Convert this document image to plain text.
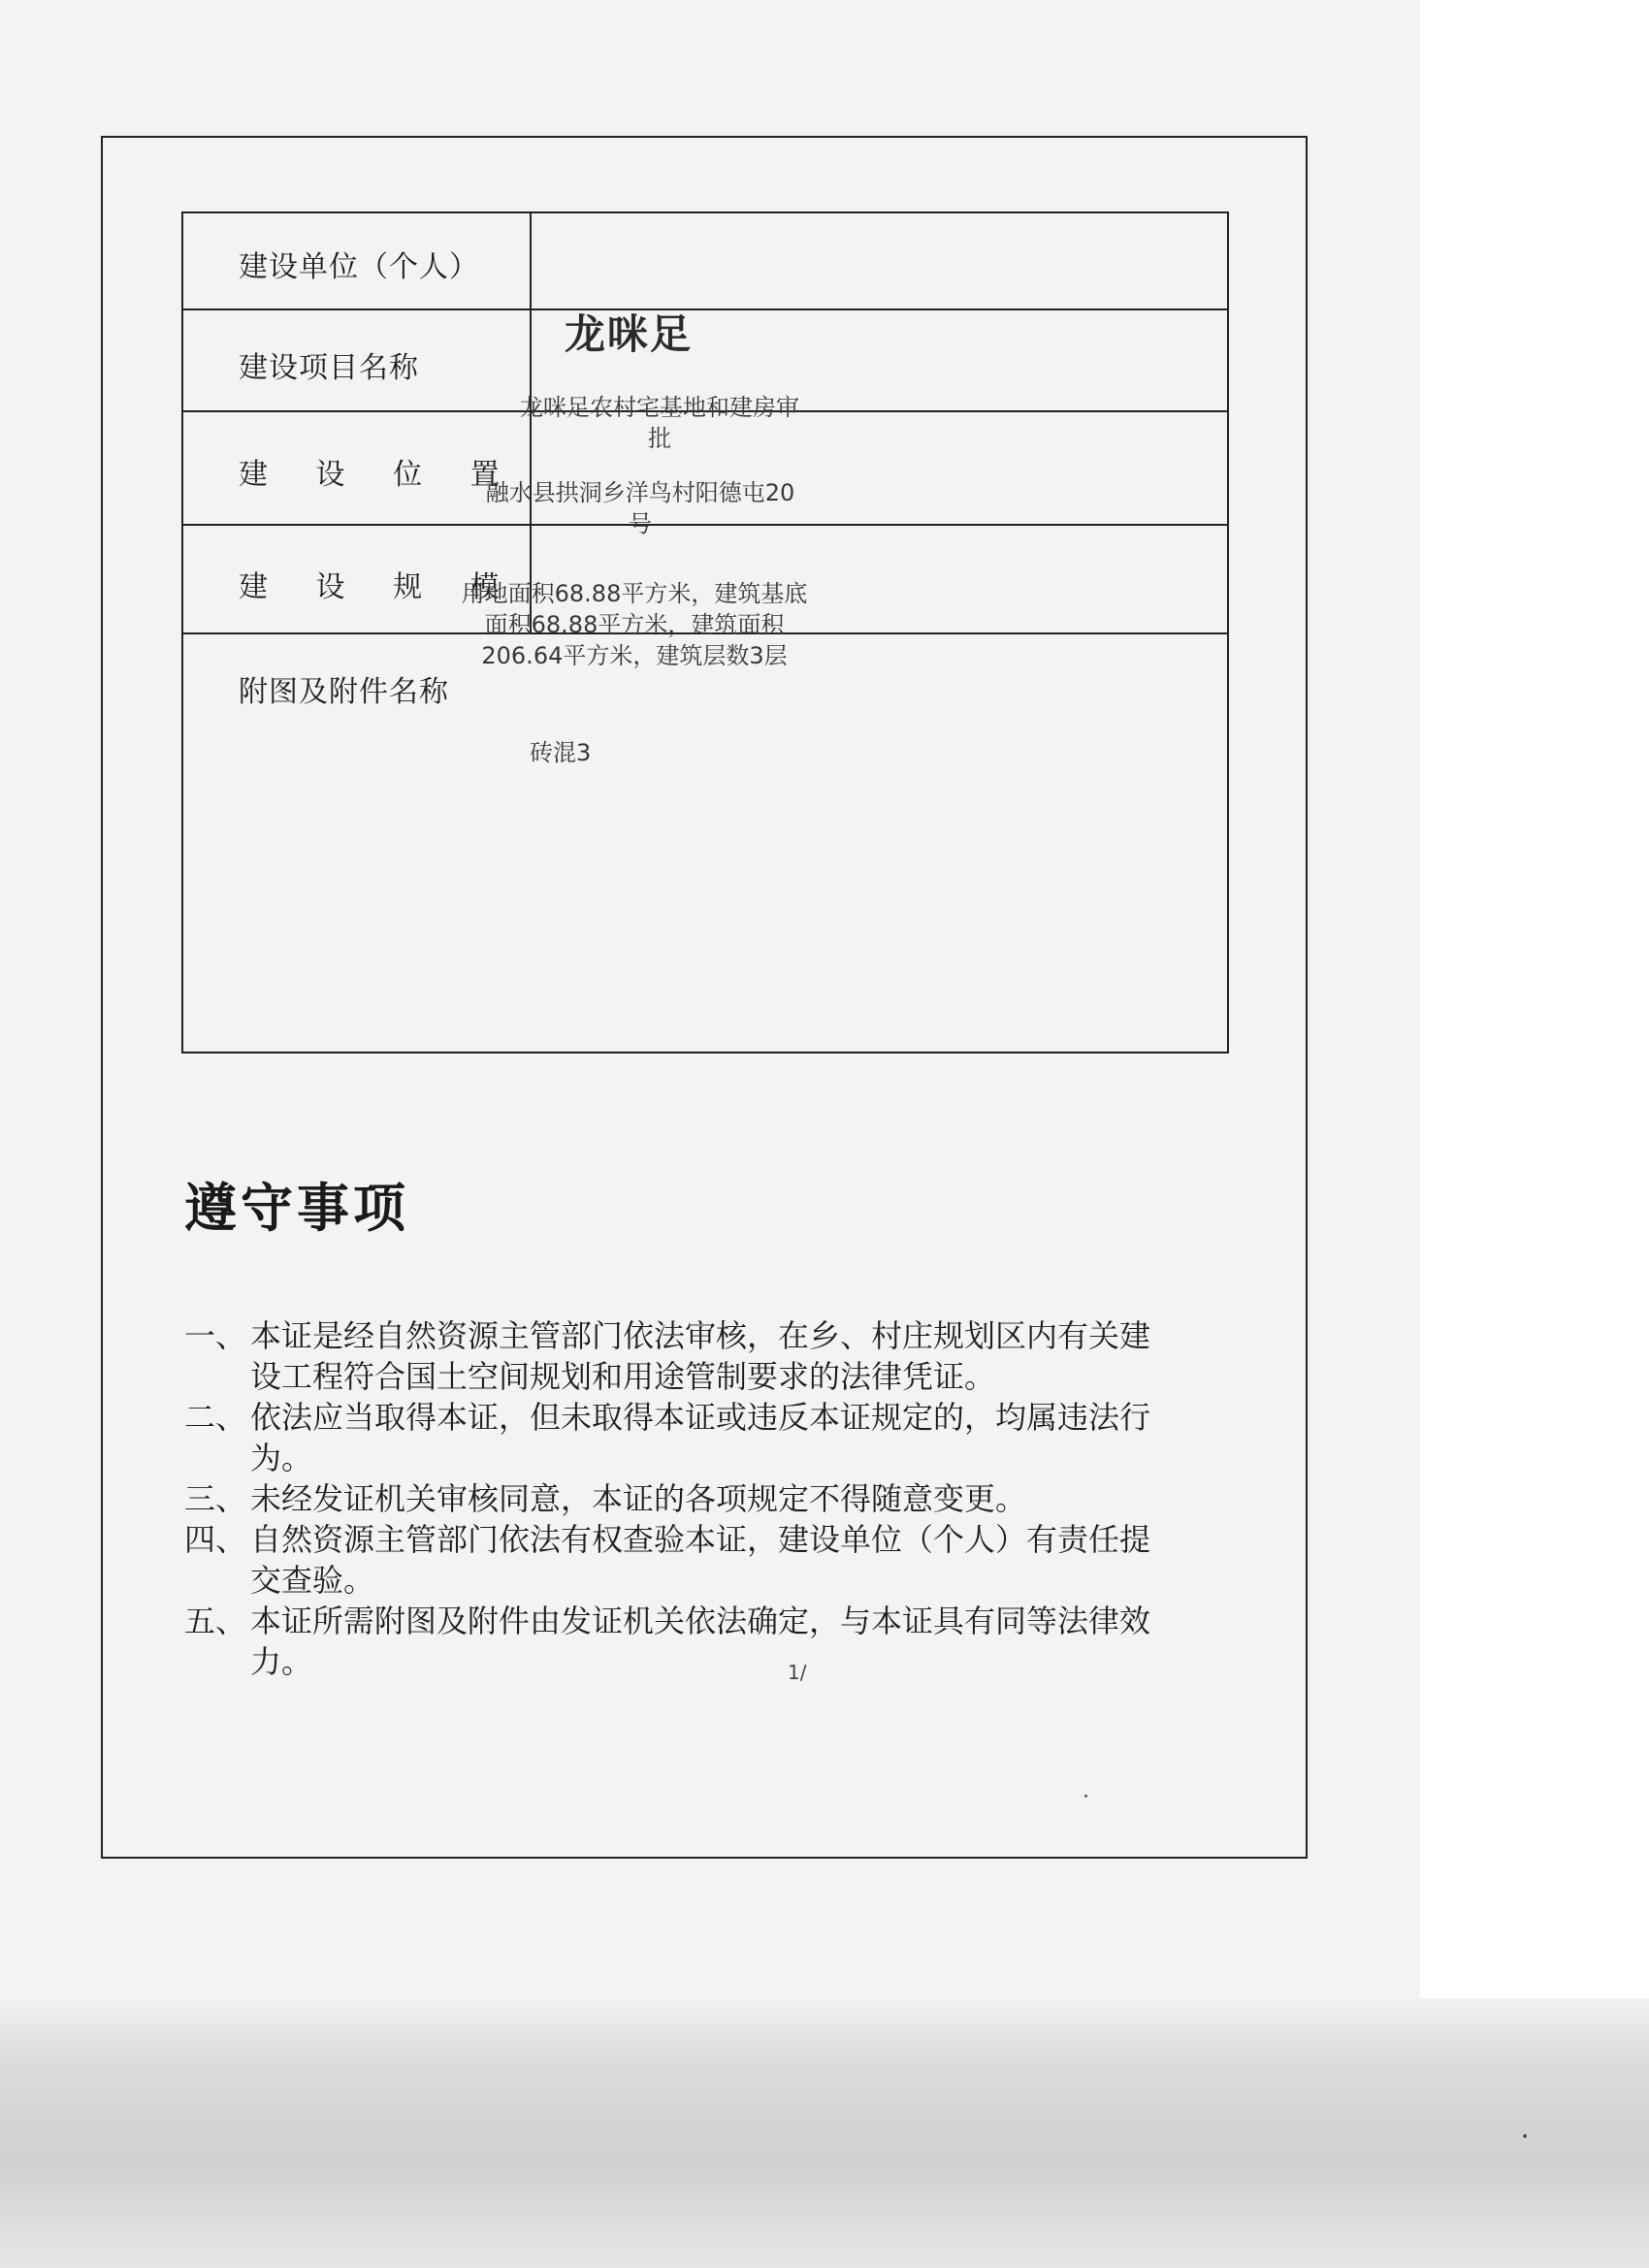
建设单位（个人）
建设项目名称
建 设 位 置
建 设 规 模
附图及附件名称
龙咪足
龙咪足农村宅基地和建房审
批
融水县拱洞乡洋鸟村阳德屯20
号
用地面积68.88平方米，建筑基底
面积68.88平方米，建筑面积
206.64平方米，建筑层数3层
砖混3
遵守事项
一、 本证是经自然资源主管部门依法审核，在乡、村庄规划区内有关建
设工程符合国土空间规划和用途管制要求的法律凭证。
二、 依法应当取得本证，但未取得本证或违反本证规定的，均属违法行
为。
三、 未经发证机关审核同意，本证的各项规定不得随意变更。
四、 自然资源主管部门依法有权查验本证，建设单位（个人）有责任提
交查验。
五、 本证所需附图及附件由发证机关依法确定，与本证具有同等法律效
力。	1/
